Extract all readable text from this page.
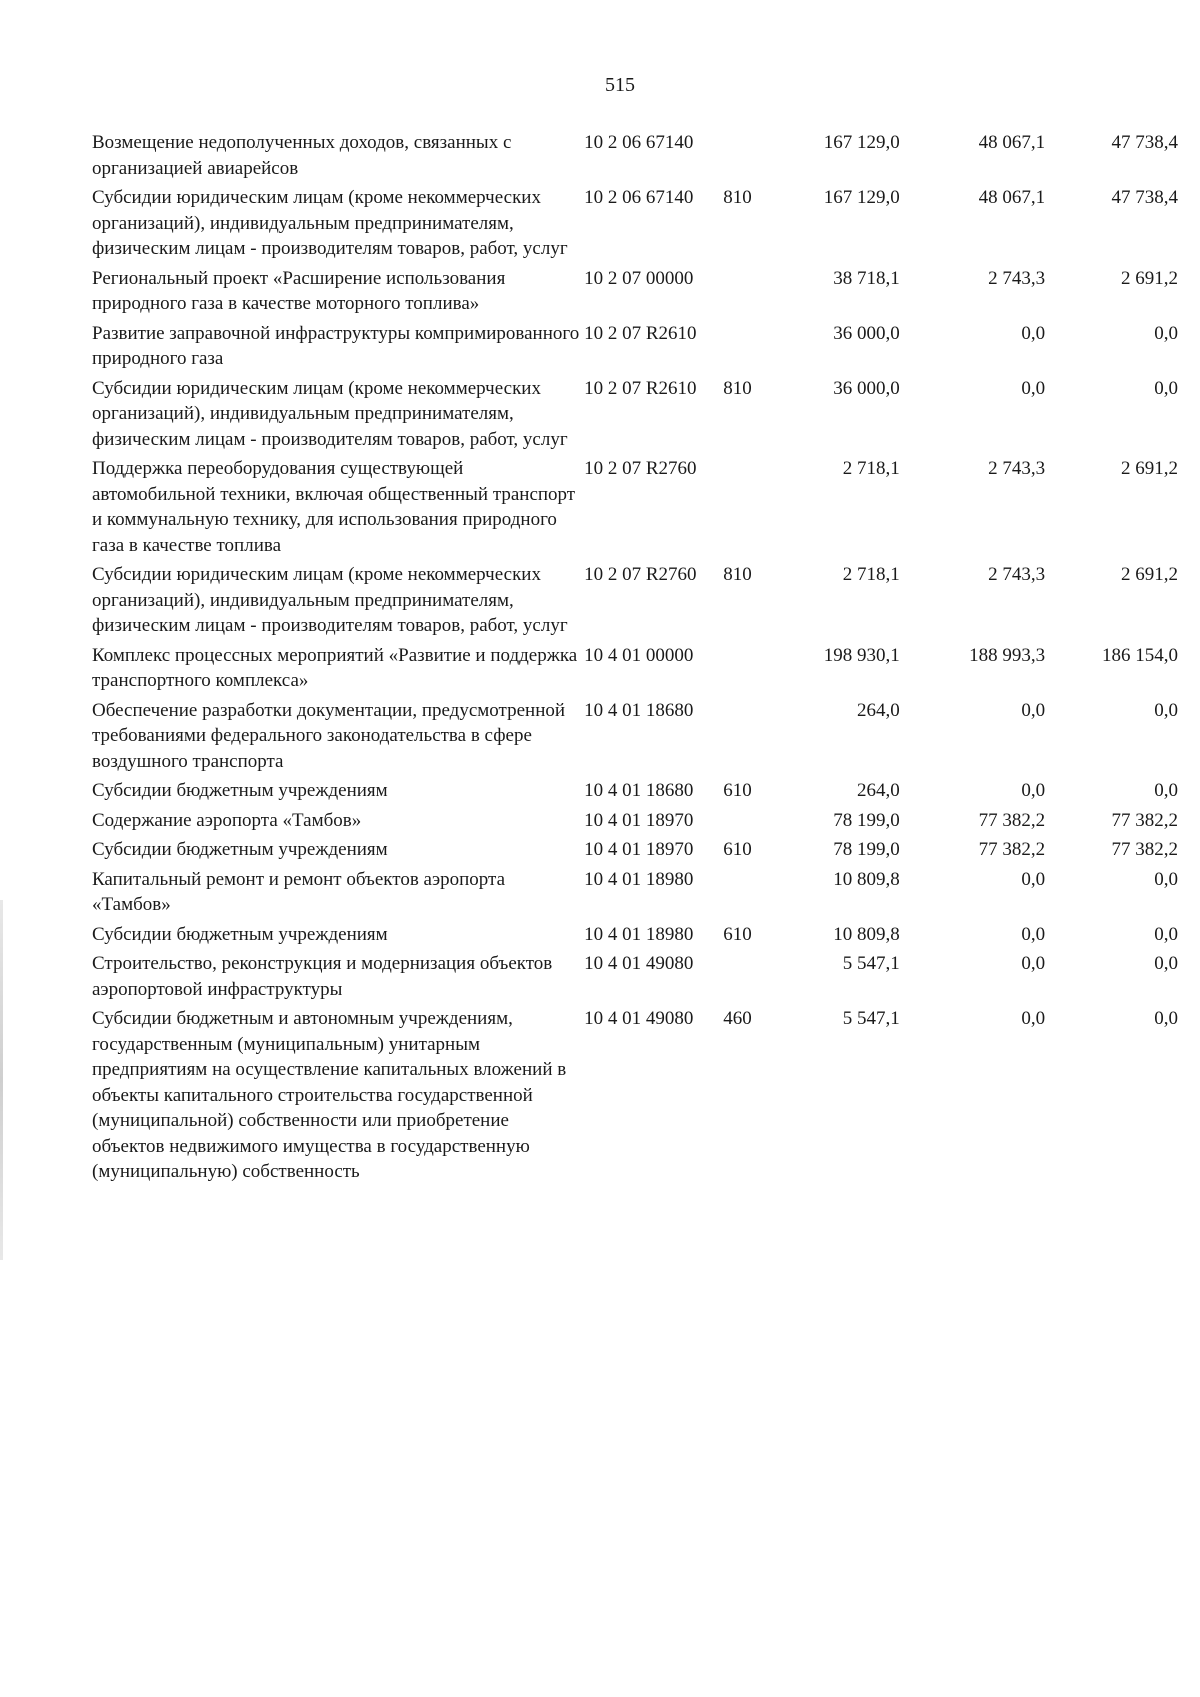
515
Возмещение недополученных доходов, связанных с организацией авиарейсов	10 2 06 67140		167 129,0	48 067,1	47 738,4
Субсидии юридическим лицам (кроме некоммерческих организаций), индивидуальным предпринимателям, физическим лицам - производителям товаров, работ, услуг	10 2 06 67140	810	167 129,0	48 067,1	47 738,4
Региональный проект «Расширение использования природного газа в качестве моторного топлива»	10 2 07 00000		38 718,1	2 743,3	2 691,2
Развитие заправочной инфраструктуры компримированного природного газа	10 2 07 R2610		36 000,0	0,0	0,0
Субсидии юридическим лицам (кроме некоммерческих организаций), индивидуальным предпринимателям, физическим лицам - производителям товаров, работ, услуг	10 2 07 R2610	810	36 000,0	0,0	0,0
Поддержка переоборудования существующей автомобильной техники, включая общественный транспорт и коммунальную технику, для использования природного газа в качестве топлива	10 2 07 R2760		2 718,1	2 743,3	2 691,2
Субсидии юридическим лицам (кроме некоммерческих организаций), индивидуальным предпринимателям, физическим лицам - производителям товаров, работ, услуг	10 2 07 R2760	810	2 718,1	2 743,3	2 691,2
Комплекс процессных мероприятий «Развитие и поддержка транспортного комплекса»	10 4 01 00000		198 930,1	188 993,3	186 154,0
Обеспечение разработки документации, предусмотренной требованиями федерального законодательства в сфере воздушного транспорта	10 4 01 18680		264,0	0,0	0,0
Субсидии бюджетным учреждениям	10 4 01 18680	610	264,0	0,0	0,0
Содержание аэропорта «Тамбов»	10 4 01 18970		78 199,0	77 382,2	77 382,2
Субсидии бюджетным учреждениям	10 4 01 18970	610	78 199,0	77 382,2	77 382,2
Капитальный ремонт и ремонт объектов аэропорта «Тамбов»	10 4 01 18980		10 809,8	0,0	0,0
Субсидии бюджетным учреждениям	10 4 01 18980	610	10 809,8	0,0	0,0
Строительство, реконструкция и модернизация объектов аэропортовой инфраструктуры	10 4 01 49080		5 547,1	0,0	0,0
Субсидии бюджетным и автономным учреждениям, государственным (муниципальным) унитарным предприятиям на осуществление капитальных вложений в объекты капитального строительства государственной (муниципальной) собственности или приобретение объектов недвижимого имущества в государственную (муниципальную) собственность	10 4 01 49080	460	5 547,1	0,0	0,0
